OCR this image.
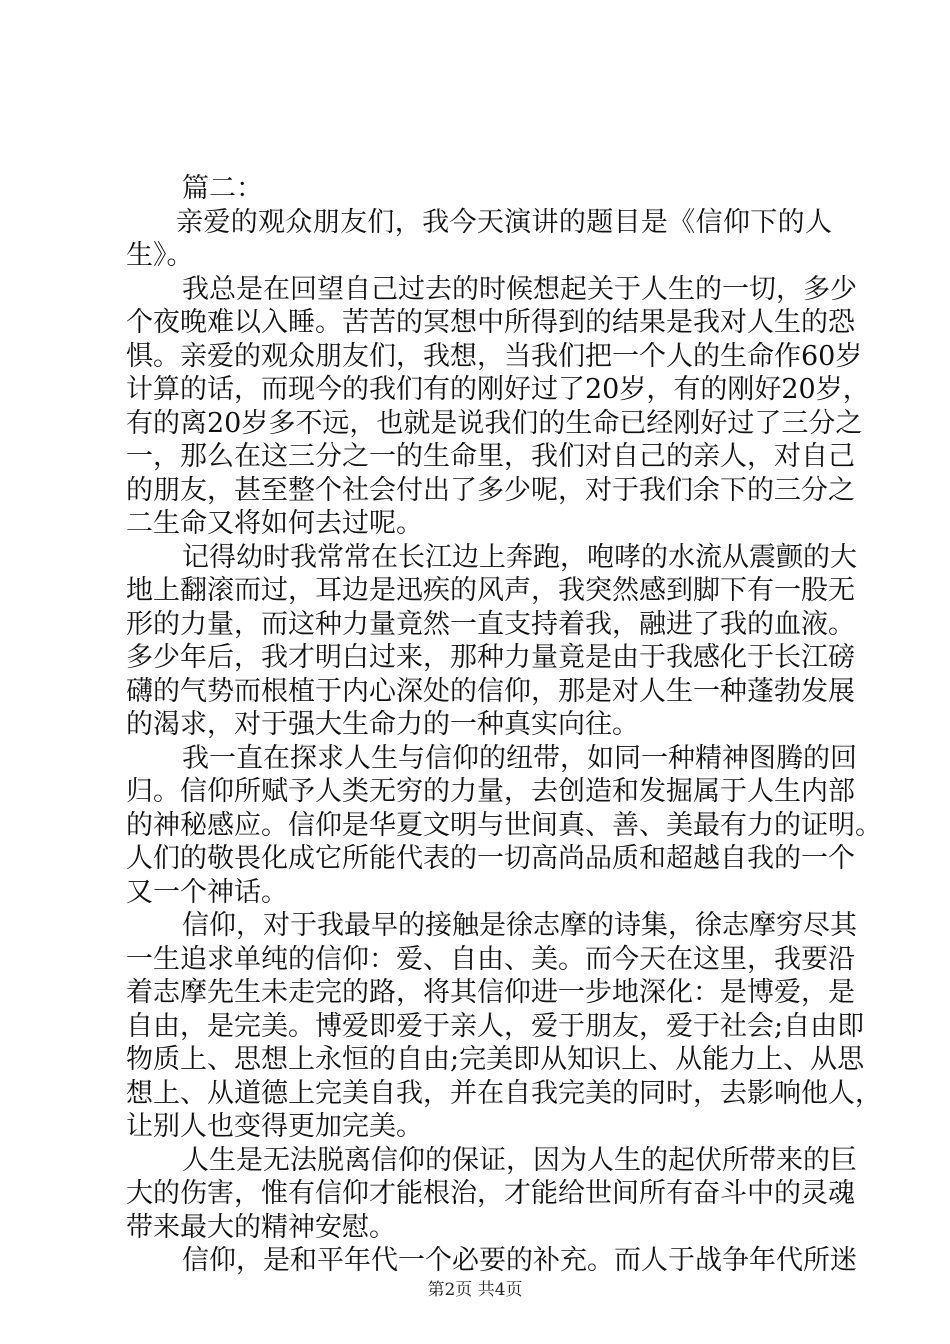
篇二：
亲爱的观众朋友们，我今天演讲的题目是《信仰下的人
生》。
我总是在回望自己过去的时候想起关于人生的一切，多少
个夜晚难以入睡。苦苦的冥想中所得到的结果是我对人生的恐
惧。亲爱的观众朋友们，我想，当我们把一个人的生命作60岁
计算的话，而现今的我们有的刚好过了20岁，有的刚好20岁，
有的离20岁多不远，也就是说我们的生命已经刚好过了三分之
一，那么在这三分之一的生命里，我们对自己的亲人，对自己
的朋友，甚至整个社会付出了多少呢，对于我们余下的三分之
二生命又将如何去过呢。
记得幼时我常常在长江边上奔跑，咆哮的水流从震颤的大
地上翻滚而过，耳边是迅疾的风声，我突然感到脚下有一股无
形的力量，而这种力量竟然一直支持着我，融进了我的血液。
多少年后，我才明白过来，那种力量竟是由于我感化于长江磅
礴的气势而根植于内心深处的信仰，那是对人生一种蓬勃发展
的渴求，对于强大生命力的一种真实向往。
我一直在探求人生与信仰的纽带，如同一种精神图腾的回
归。信仰所赋予人类无穷的力量，去创造和发掘属于人生内部
的神秘感应。信仰是华夏文明与世间真、善、美最有力的证明。
人们的敬畏化成它所能代表的一切高尚品质和超越自我的一个
又一个神话。
信仰，对于我最早的接触是徐志摩的诗集，徐志摩穷尽其
一生追求单纯的信仰：爱、自由、美。而今天在这里，我要沿
着志摩先生未走完的路，将其信仰进一步地深化：是博爱，是
自由，是完美。博爱即爱于亲人，爱于朋友，爱于社会;自由即
物质上、思想上永恒的自由;完美即从知识上、从能力上、从思
想上、从道德上完美自我，并在自我完美的同时，去影响他人，
让别人也变得更加完美。
人生是无法脱离信仰的保证，因为人生的起伏所带来的巨
大的伤害，惟有信仰才能根治，才能给世间所有奋斗中的灵魂
带来最大的精神安慰。
信仰，是和平年代一个必要的补充。而人于战争年代所迷
第2页 共4页
